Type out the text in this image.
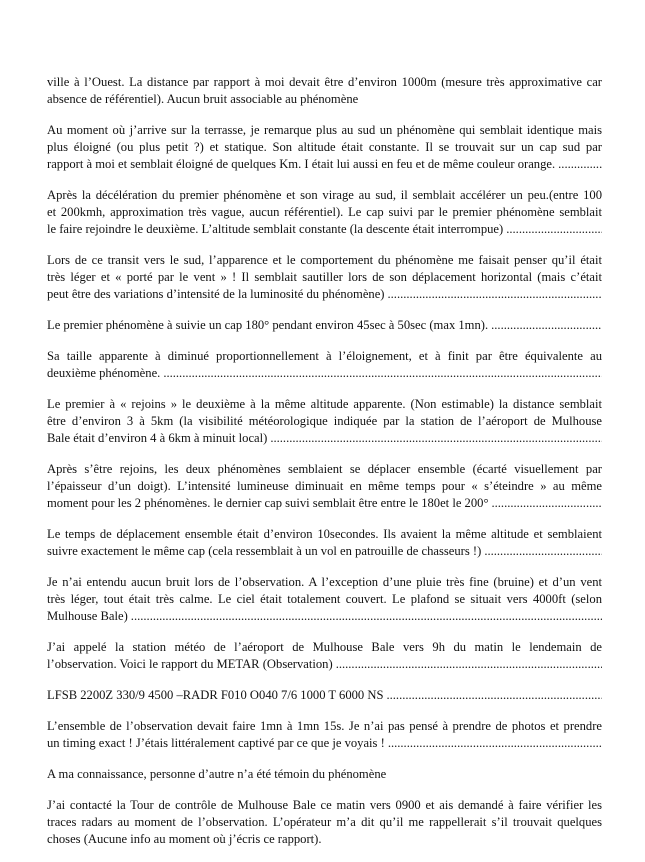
ville à l’Ouest. La distance par rapport à moi devait être d’environ 1000m (mesure très approximative car
absence de référentiel). Aucun bruit associable au phénomène
Au moment où j’arrive sur la terrasse, je remarque plus au sud un phénomène qui semblait identique mais
plus éloigné (ou plus petit ?) et statique. Son altitude était constante. Il se trouvait sur un cap sud par
rapport à moi et semblait éloigné de quelques Km. I était lui aussi en feu et de même couleur orange.
.....
Après la décélération du premier phénomène et son virage au sud, il semblait accélérer un peu.(entre 100
et 200kmh, approximation très vague, aucun référentiel). Le cap suivi par le premier phénomène semblait
le faire rejoindre le deuxième. L’altitude semblait constante (la descente était interrompue)
.....
Lors de ce transit vers le sud, l’apparence et le comportement du phénomène me faisait penser qu’il était
très léger et « porté par le vent » ! Il semblait sautiller lors de son déplacement horizontal (mais c’était
peut être des variations d’intensité de la luminosité du phénomène)
.....
Le premier phénomène à suivie un cap 180° pendant environ 45sec à 50sec (max 1mn).
.....
Sa taille apparente à diminué proportionnellement à l’éloignement, et à finit par être équivalente au
deuxième phénomène.
.....
Le premier à « rejoins » le deuxième à la même altitude apparente. (Non estimable) la distance semblait
être d’environ 3 à 5km (la visibilité météorologique indiquée par la station de l’aéroport de Mulhouse
Bale était d’environ 4 à 6km à minuit local)
.....
Après s’être rejoins, les deux phénomènes semblaient se déplacer ensemble (écarté visuellement par
l’épaisseur d’un doigt). L’intensité lumineuse diminuait en même temps pour « s’éteindre » au même
moment pour les 2 phénomènes. le dernier cap suivi semblait être entre le 180et le 200°
.....
Le temps de déplacement ensemble était d’environ 10secondes. Ils avaient la même altitude et semblaient
suivre exactement le même cap (cela ressemblait à un vol en patrouille de chasseurs !)
.....
Je n’ai entendu aucun bruit lors de l’observation. A l’exception d’une pluie très fine (bruine) et d’un vent
très léger, tout était très calme. Le ciel était totalement couvert. Le plafond se situait vers 4000ft (selon
Mulhouse Bale)
.....
J’ai appelé la station météo de l’aéroport de Mulhouse Bale vers 9h du matin le lendemain de
l’observation. Voici le rapport du METAR (Observation)
.....
LFSB 2200Z 330/9 4500 –RADR F010 O040 7/6 1000 T 6000 NS
.....
L’ensemble de l’observation devait faire 1mn à 1mn 15s. Je n’ai pas pensé à prendre de photos et prendre
un timing exact ! J’étais littéralement captivé par ce que je voyais !
.....
A ma connaissance, personne d’autre n’a été témoin du phénomène
J’ai contacté la Tour de contrôle de Mulhouse Bale ce matin vers 0900 et ais demandé à faire vérifier les
traces radars au moment de l’observation. L’opérateur m’a dit qu’il me rappellerait s’il trouvait quelques
choses (Aucune info au moment où j’écris ce rapport).
